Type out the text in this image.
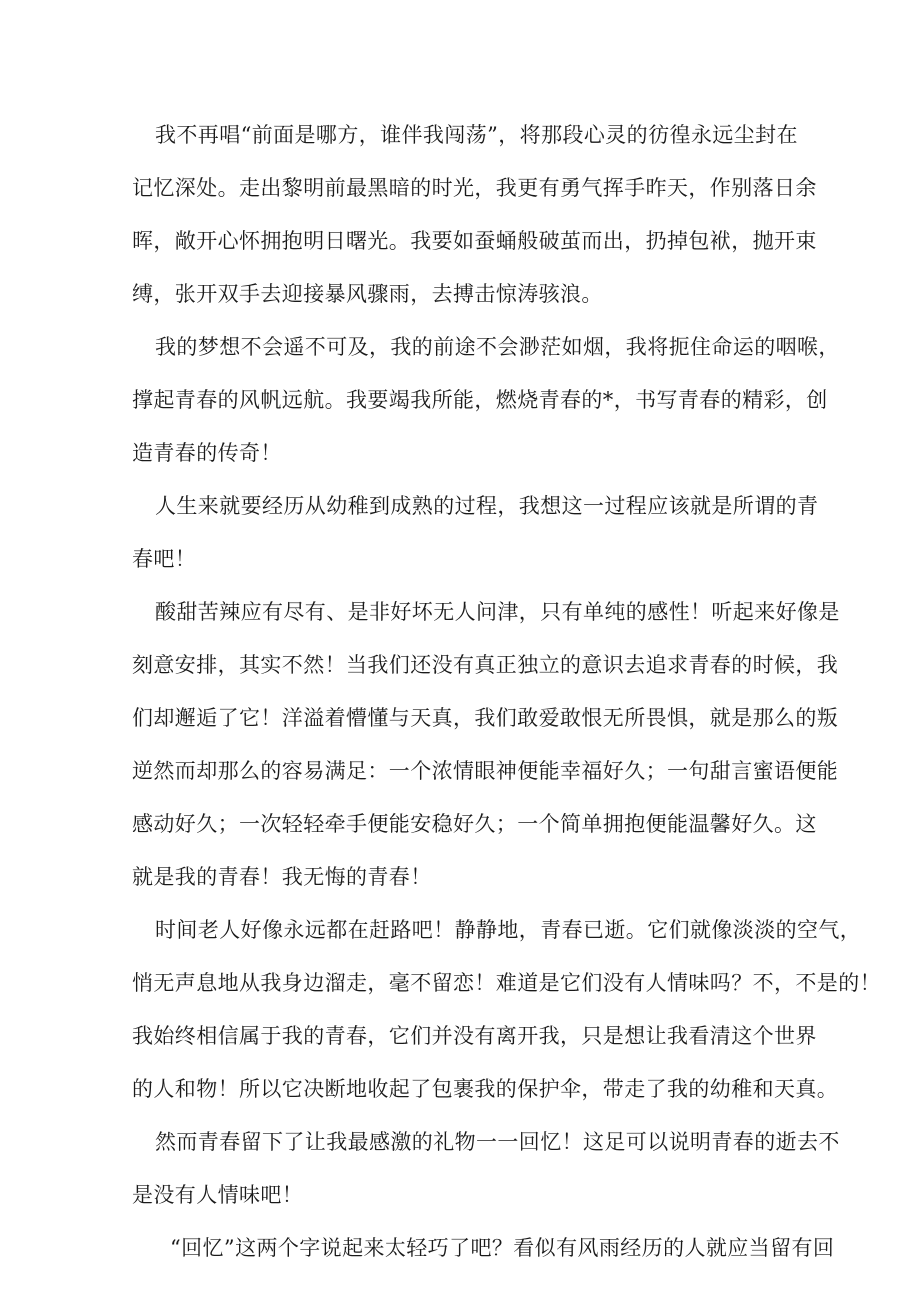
我不再唱“前面是哪方，谁伴我闯荡”，将那段心灵的彷徨永远尘封在
记忆深处。走出黎明前最黑暗的时光，我更有勇气挥手昨天，作别落日余
晖，敞开心怀拥抱明日曙光。我要如蚕蛹般破茧而出，扔掉包袱，抛开束
缚，张开双手去迎接暴风骤雨，去搏击惊涛骇浪。
我的梦想不会遥不可及，我的前途不会渺茫如烟，我将扼住命运的咽喉，
撑起青春的风帆远航。我要竭我所能，燃烧青春的*，书写青春的精彩，创
造青春的传奇！
人生来就要经历从幼稚到成熟的过程，我想这一过程应该就是所谓的青
春吧！
酸甜苦辣应有尽有、是非好坏无人问津，只有单纯的感性！听起来好像是
刻意安排，其实不然！当我们还没有真正独立的意识去追求青春的时候，我
们却邂逅了它！洋溢着懵懂与天真，我们敢爱敢恨无所畏惧，就是那么的叛
逆然而却那么的容易满足：一个浓情眼神便能幸福好久；一句甜言蜜语便能
感动好久；一次轻轻牵手便能安稳好久；一个简单拥抱便能温馨好久。这
就是我的青春！我无悔的青春！
时间老人好像永远都在赶路吧！静静地，青春已逝。它们就像淡淡的空气，
悄无声息地从我身边溜走，毫不留恋！难道是它们没有人情味吗？不，不是的！
我始终相信属于我的青春，它们并没有离开我，只是想让我看清这个世界
的人和物！所以它决断地收起了包裹我的保护伞，带走了我的幼稚和天真。
然而青春留下了让我最感激的礼物一一回忆！这足可以说明青春的逝去不
是没有人情味吧！
“回忆”这两个字说起来太轻巧了吧？看似有风雨经历的人就应当留有回
